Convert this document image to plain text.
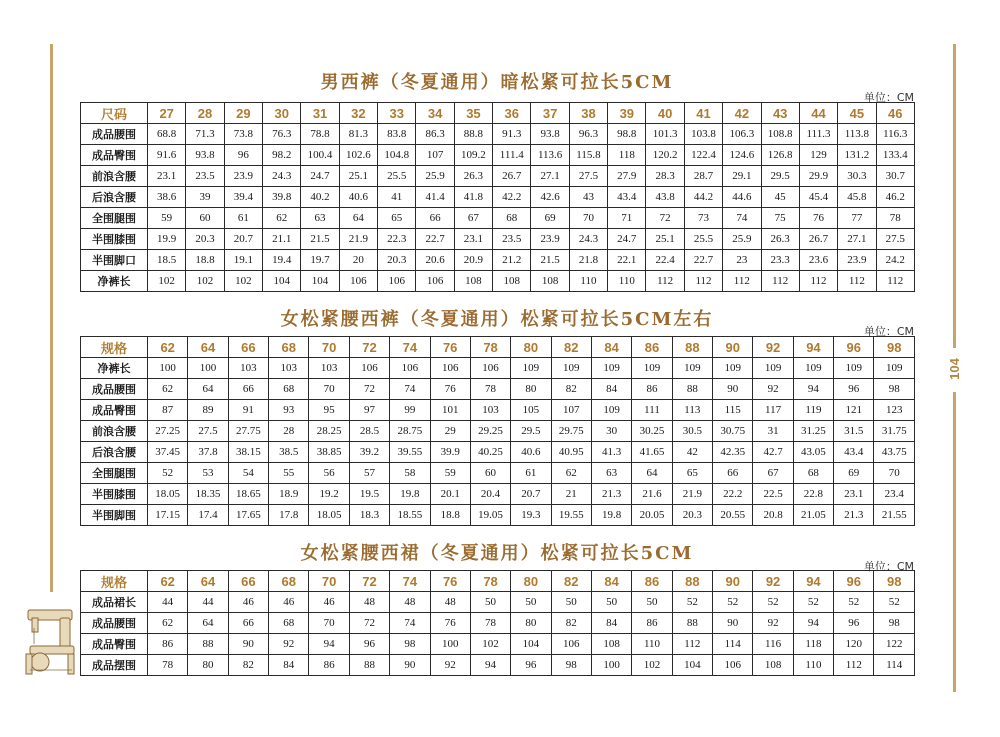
104
男西裤（冬夏通用）暗松紧可拉长5CM
单位：CM
尺码	27	28	29	30	31	32	33	34	35	36	37	38	39	40	41	42	43	44	45	46
成品腰围	68.8	71.3	73.8	76.3	78.8	81.3	83.8	86.3	88.8	91.3	93.8	96.3	98.8	101.3	103.8	106.3	108.8	111.3	113.8	116.3
成品臀围	91.6	93.8	96	98.2	100.4	102.6	104.8	107	109.2	111.4	113.6	115.8	118	120.2	122.4	124.6	126.8	129	131.2	133.4
前浪含腰	23.1	23.5	23.9	24.3	24.7	25.1	25.5	25.9	26.3	26.7	27.1	27.5	27.9	28.3	28.7	29.1	29.5	29.9	30.3	30.7
后浪含腰	38.6	39	39.4	39.8	40.2	40.6	41	41.4	41.8	42.2	42.6	43	43.4	43.8	44.2	44.6	45	45.4	45.8	46.2
全围腿围	59	60	61	62	63	64	65	66	67	68	69	70	71	72	73	74	75	76	77	78
半围膝围	19.9	20.3	20.7	21.1	21.5	21.9	22.3	22.7	23.1	23.5	23.9	24.3	24.7	25.1	25.5	25.9	26.3	26.7	27.1	27.5
半围脚口	18.5	18.8	19.1	19.4	19.7	20	20.3	20.6	20.9	21.2	21.5	21.8	22.1	22.4	22.7	23	23.3	23.6	23.9	24.2
净裤长	102	102	102	104	104	106	106	106	108	108	108	110	110	112	112	112	112	112	112	112
女松紧腰西裤（冬夏通用）松紧可拉长5CM左右
单位：CM
规格	62	64	66	68	70	72	74	76	78	80	82	84	86	88	90	92	94	96	98
净裤长	100	100	103	103	103	106	106	106	106	109	109	109	109	109	109	109	109	109	109
成品腰围	62	64	66	68	70	72	74	76	78	80	82	84	86	88	90	92	94	96	98
成品臀围	87	89	91	93	95	97	99	101	103	105	107	109	111	113	115	117	119	121	123
前浪含腰	27.25	27.5	27.75	28	28.25	28.5	28.75	29	29.25	29.5	29.75	30	30.25	30.5	30.75	31	31.25	31.5	31.75
后浪含腰	37.45	37.8	38.15	38.5	38.85	39.2	39.55	39.9	40.25	40.6	40.95	41.3	41.65	42	42.35	42.7	43.05	43.4	43.75
全围腿围	52	53	54	55	56	57	58	59	60	61	62	63	64	65	66	67	68	69	70
半围膝围	18.05	18.35	18.65	18.9	19.2	19.5	19.8	20.1	20.4	20.7	21	21.3	21.6	21.9	22.2	22.5	22.8	23.1	23.4
半围脚围	17.15	17.4	17.65	17.8	18.05	18.3	18.55	18.8	19.05	19.3	19.55	19.8	20.05	20.3	20.55	20.8	21.05	21.3	21.55
女松紧腰西裙（冬夏通用）松紧可拉长5CM
单位：CM
规格	62	64	66	68	70	72	74	76	78	80	82	84	86	88	90	92	94	96	98
成品裙长	44	44	46	46	46	48	48	48	50	50	50	50	50	52	52	52	52	52	52
成品腰围	62	64	66	68	70	72	74	76	78	80	82	84	86	88	90	92	94	96	98
成品臀围	86	88	90	92	94	96	98	100	102	104	106	108	110	112	114	116	118	120	122
成品摆围	78	80	82	84	86	88	90	92	94	96	98	100	102	104	106	108	110	112	114
